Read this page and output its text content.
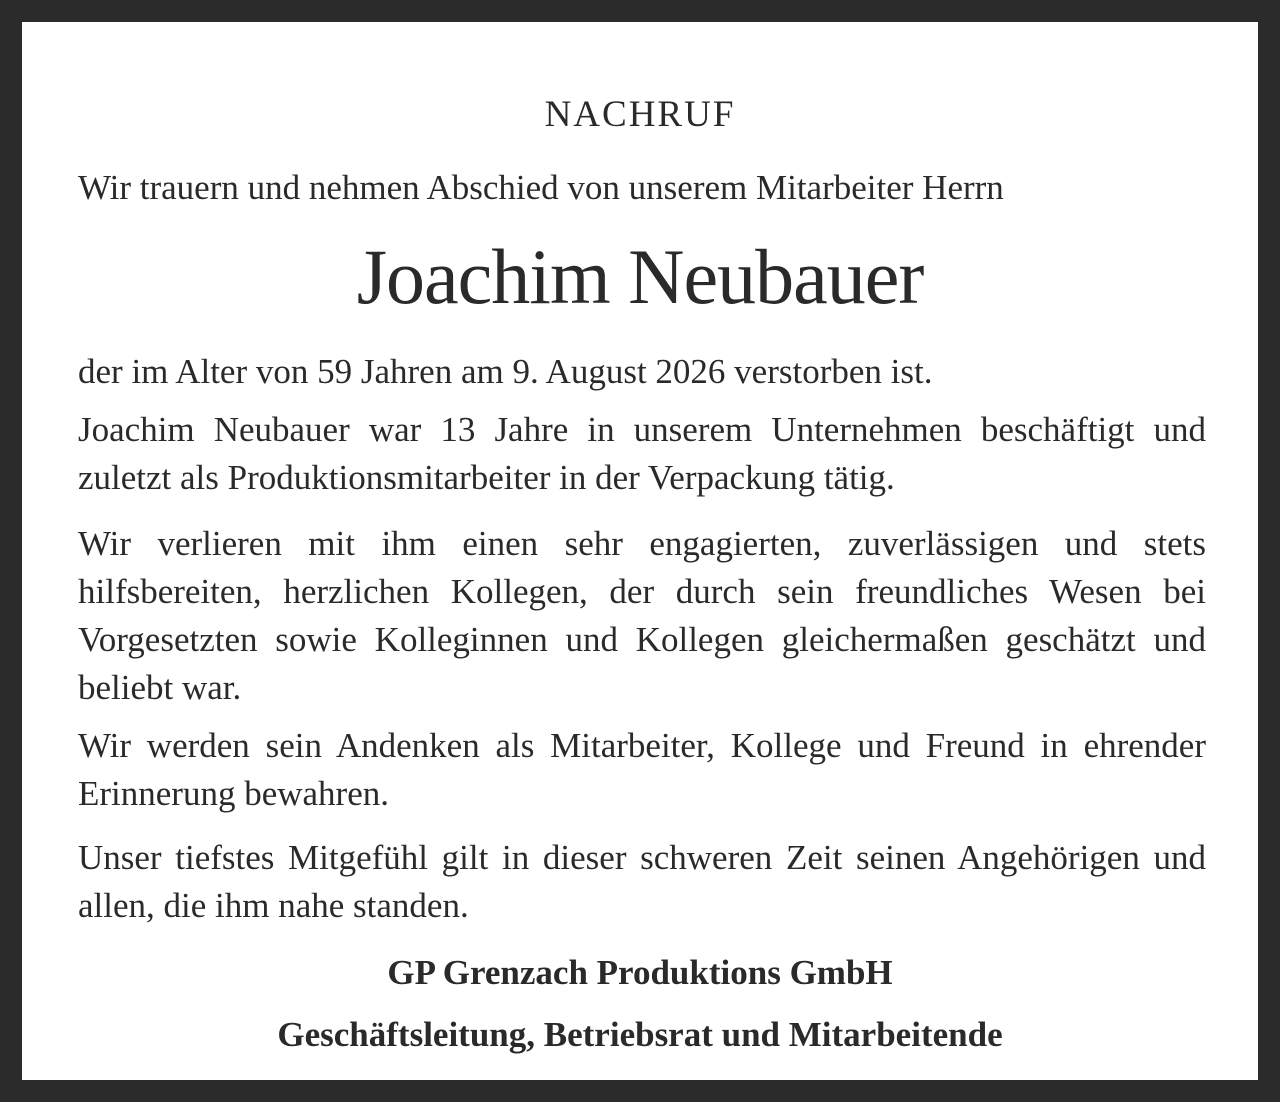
NACHRUF
Wir trauern und nehmen Abschied von unserem Mitarbeiter Herrn
Joachim Neubauer

der im Alter von 59 Jahren am 9. August 2026 verstorben ist.

Joachim Neubauer war 13 Jahre in unserem Unternehmen beschäftigt und zuletzt als Produktionsmitarbeiter in der Verpackung tätig.

Wir verlieren mit ihm einen sehr engagierten, zuverlässigen und stets hilfsbereiten, herzlichen Kollegen, der durch sein freundliches Wesen bei Vorgesetzten sowie Kolleginnen und Kollegen gleichermaßen geschätzt und beliebt war.

Wir werden sein Andenken als Mitarbeiter, Kollege und Freund in ehrender Erinnerung bewahren.

Unser tiefstes Mitgefühl gilt in dieser schweren Zeit seinen Angehörigen und allen, die ihm nahe standen.

GP Grenzach Produktions GmbH
Geschäftsleitung, Betriebsrat und Mitarbeitende
